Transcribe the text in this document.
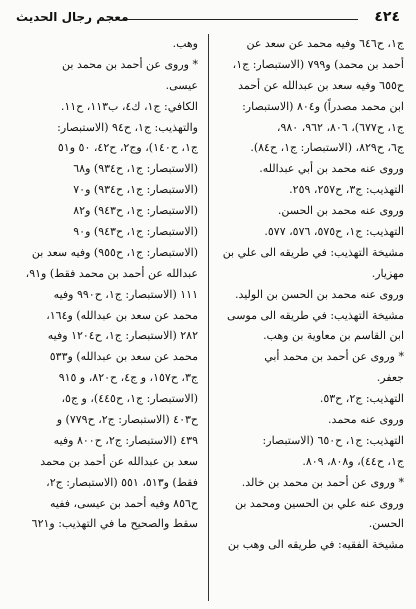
٤٢٤
معجم رجال الحديث
ج١، ح٦٤٦ وفيه محمد عن سعد عن
أحمد بن محمد) و٧٩٩ (الاستبصار: ج١،
ح٦٥٥ وفيه سعد بن عبدالله عن أحمد
ابن محمد مصدراً) و٨٠٤ (الاستبصار:
ج١، ح٦٧٧)، ٨٠٦، ٩٦٢، ٩٨٠،
ج٦، ح٨٢٩، (الاستبصار: ج١، ح٨٤).
وروى عنه محمد بن أبي عبدالله.
التهذيب: ج٣، ح٢٥٧، ٢٥٩.
وروى عنه محمد بن الحسن.
التهذيب: ج١، ح٥٧٥، ٥٧٦، ٥٧٧.
مشيخة التهذيب: في طريقه الى علي بن
مهزيار.
وروى عنه محمد بن الحسن بن الوليد.
مشيخة التهذيب: في طريقه الى موسى
ابن القاسم بن معاوية بن وهب.
* وروى عن أحمد بن محمد أبي
جعفر.
التهذيب: ج٢، ح٥٣.
وروى عنه محمد.
التهذيب: ج١، ح٦٥٠ (الاستبصار:
ج١، ح٤٤)، و٨٠٨، ٨٠٩.
* وروى عن أحمد بن محمد بن خالد.
وروى عنه علي بن الحسين ومحمد بن
الحسن.
مشيخة الفقيه: في طريقه الى وهب بن
وهب.
* وروى عن أحمد بن محمد بن
عيسى.
الكافي: ج١، ك٤، ب١١٣، ح١١.
والتهذيب: ج١، ح٩٤ (الاستبصار:
ج١، ح١٤٠)، وج٢، ح٤٢، ٥٠ و٥١
(الاستبصار: ج١، ح٩٣٤) و٦٨
(الاستبصار: ج١، ح٩٣٤) و٧٠
(الاستبصار: ج١، ح٩٤٣) و٨٢
(الاستبصار: ج١، ح٩٤٣) و٩٠
(الاستبصار: ج١، ح٩٥٥) وفيه سعد بن
عبدالله عن أحمد بن محمد فقط) و٩١،
١١١ (الاستبصار: ج١، ح٩٩٠ وفيه
محمد عن سعد بن عبدالله) و١٦٤،
٢٨٢ (الاستبصار: ج١، ح١٢٠٤ وفيه
محمد عن سعد بن عبدالله) و٥٣٣
ج٣، ح١٥٧، و ج٤، ح٨٢٠، و ٩١٥
(الاستبصار: ج١، ح٤٤٥)، و ج٥،
ح٤٠٣ (الاستبصار: ج٢، ح٧٧٩) و
٤٣٩ (الاستبصار: ج٢، ح٨٠٠ وفيه
سعد بن عبدالله عن أحمد بن محمد
فقط) و٥١٣، ٥٥١ (الاستبصار: ج٢،
ح٨٥٦ وفيه أحمد بن عيسى، ففيه
سقط والصحيح ما في التهذيب: و٦٢١
